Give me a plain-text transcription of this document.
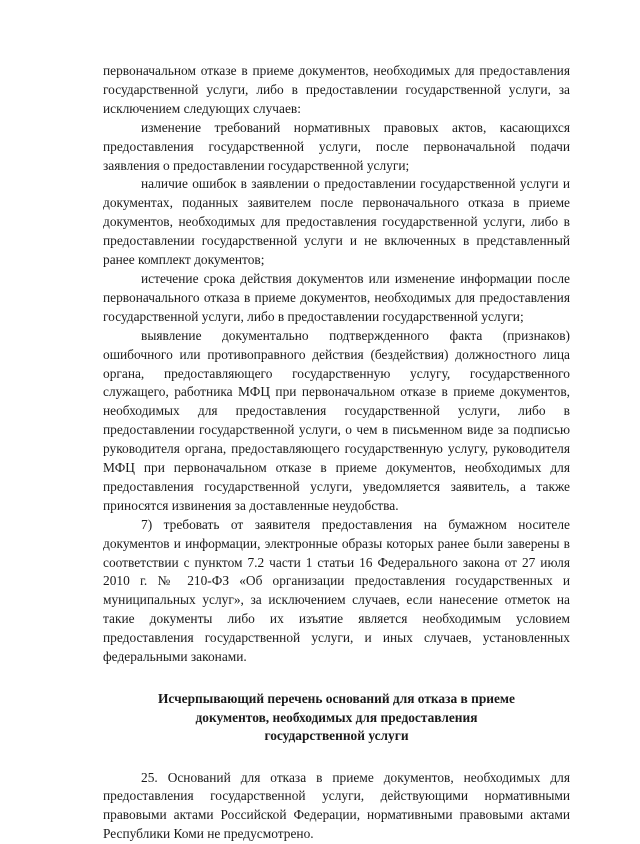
первоначальном отказе в приеме документов, необходимых для предоставления государственной услуги, либо в предоставлении государственной услуги, за исключением следующих случаев:

изменение требований нормативных правовых актов, касающихся предоставления государственной услуги, после первоначальной подачи заявления о предоставлении государственной услуги;

наличие ошибок в заявлении о предоставлении государственной услуги и документах, поданных заявителем после первоначального отказа в приеме документов, необходимых для предоставления государственной услуги, либо в предоставлении государственной услуги и не включенных в представленный ранее комплект документов;

истечение срока действия документов или изменение информации после первоначального отказа в приеме документов, необходимых для предоставления государственной услуги, либо в предоставлении государственной услуги;

выявление документально подтвержденного факта (признаков) ошибочного или противоправного действия (бездействия) должностного лица органа, предоставляющего государственную услугу, государственного служащего, работника МФЦ при первоначальном отказе в приеме документов, необходимых для предоставления государственной услуги, либо в предоставлении государственной услуги, о чем в письменном виде за подписью руководителя органа, предоставляющего государственную услугу, руководителя МФЦ при первоначальном отказе в приеме документов, необходимых для предоставления государственной услуги, уведомляется заявитель, а также приносятся извинения за доставленные неудобства.

7) требовать от заявителя предоставления на бумажном носителе документов и информации, электронные образы которых ранее были заверены в соответствии с пунктом 7.2 части 1 статьи 16 Федерального закона от 27 июля 2010 г. № 210-ФЗ «Об организации предоставления государственных и муниципальных услуг», за исключением случаев, если нанесение отметок на такие документы либо их изъятие является необходимым условием предоставления государственной услуги, и иных случаев, установленных федеральными законами.

Исчерпывающий перечень оснований для отказа в приеме
документов, необходимых для предоставления
государственной услуги

25. Оснований для отказа в приеме документов, необходимых для предоставления государственной услуги, действующими нормативными правовыми актами Российской Федерации, нормативными правовыми актами Республики Коми не предусмотрено.
